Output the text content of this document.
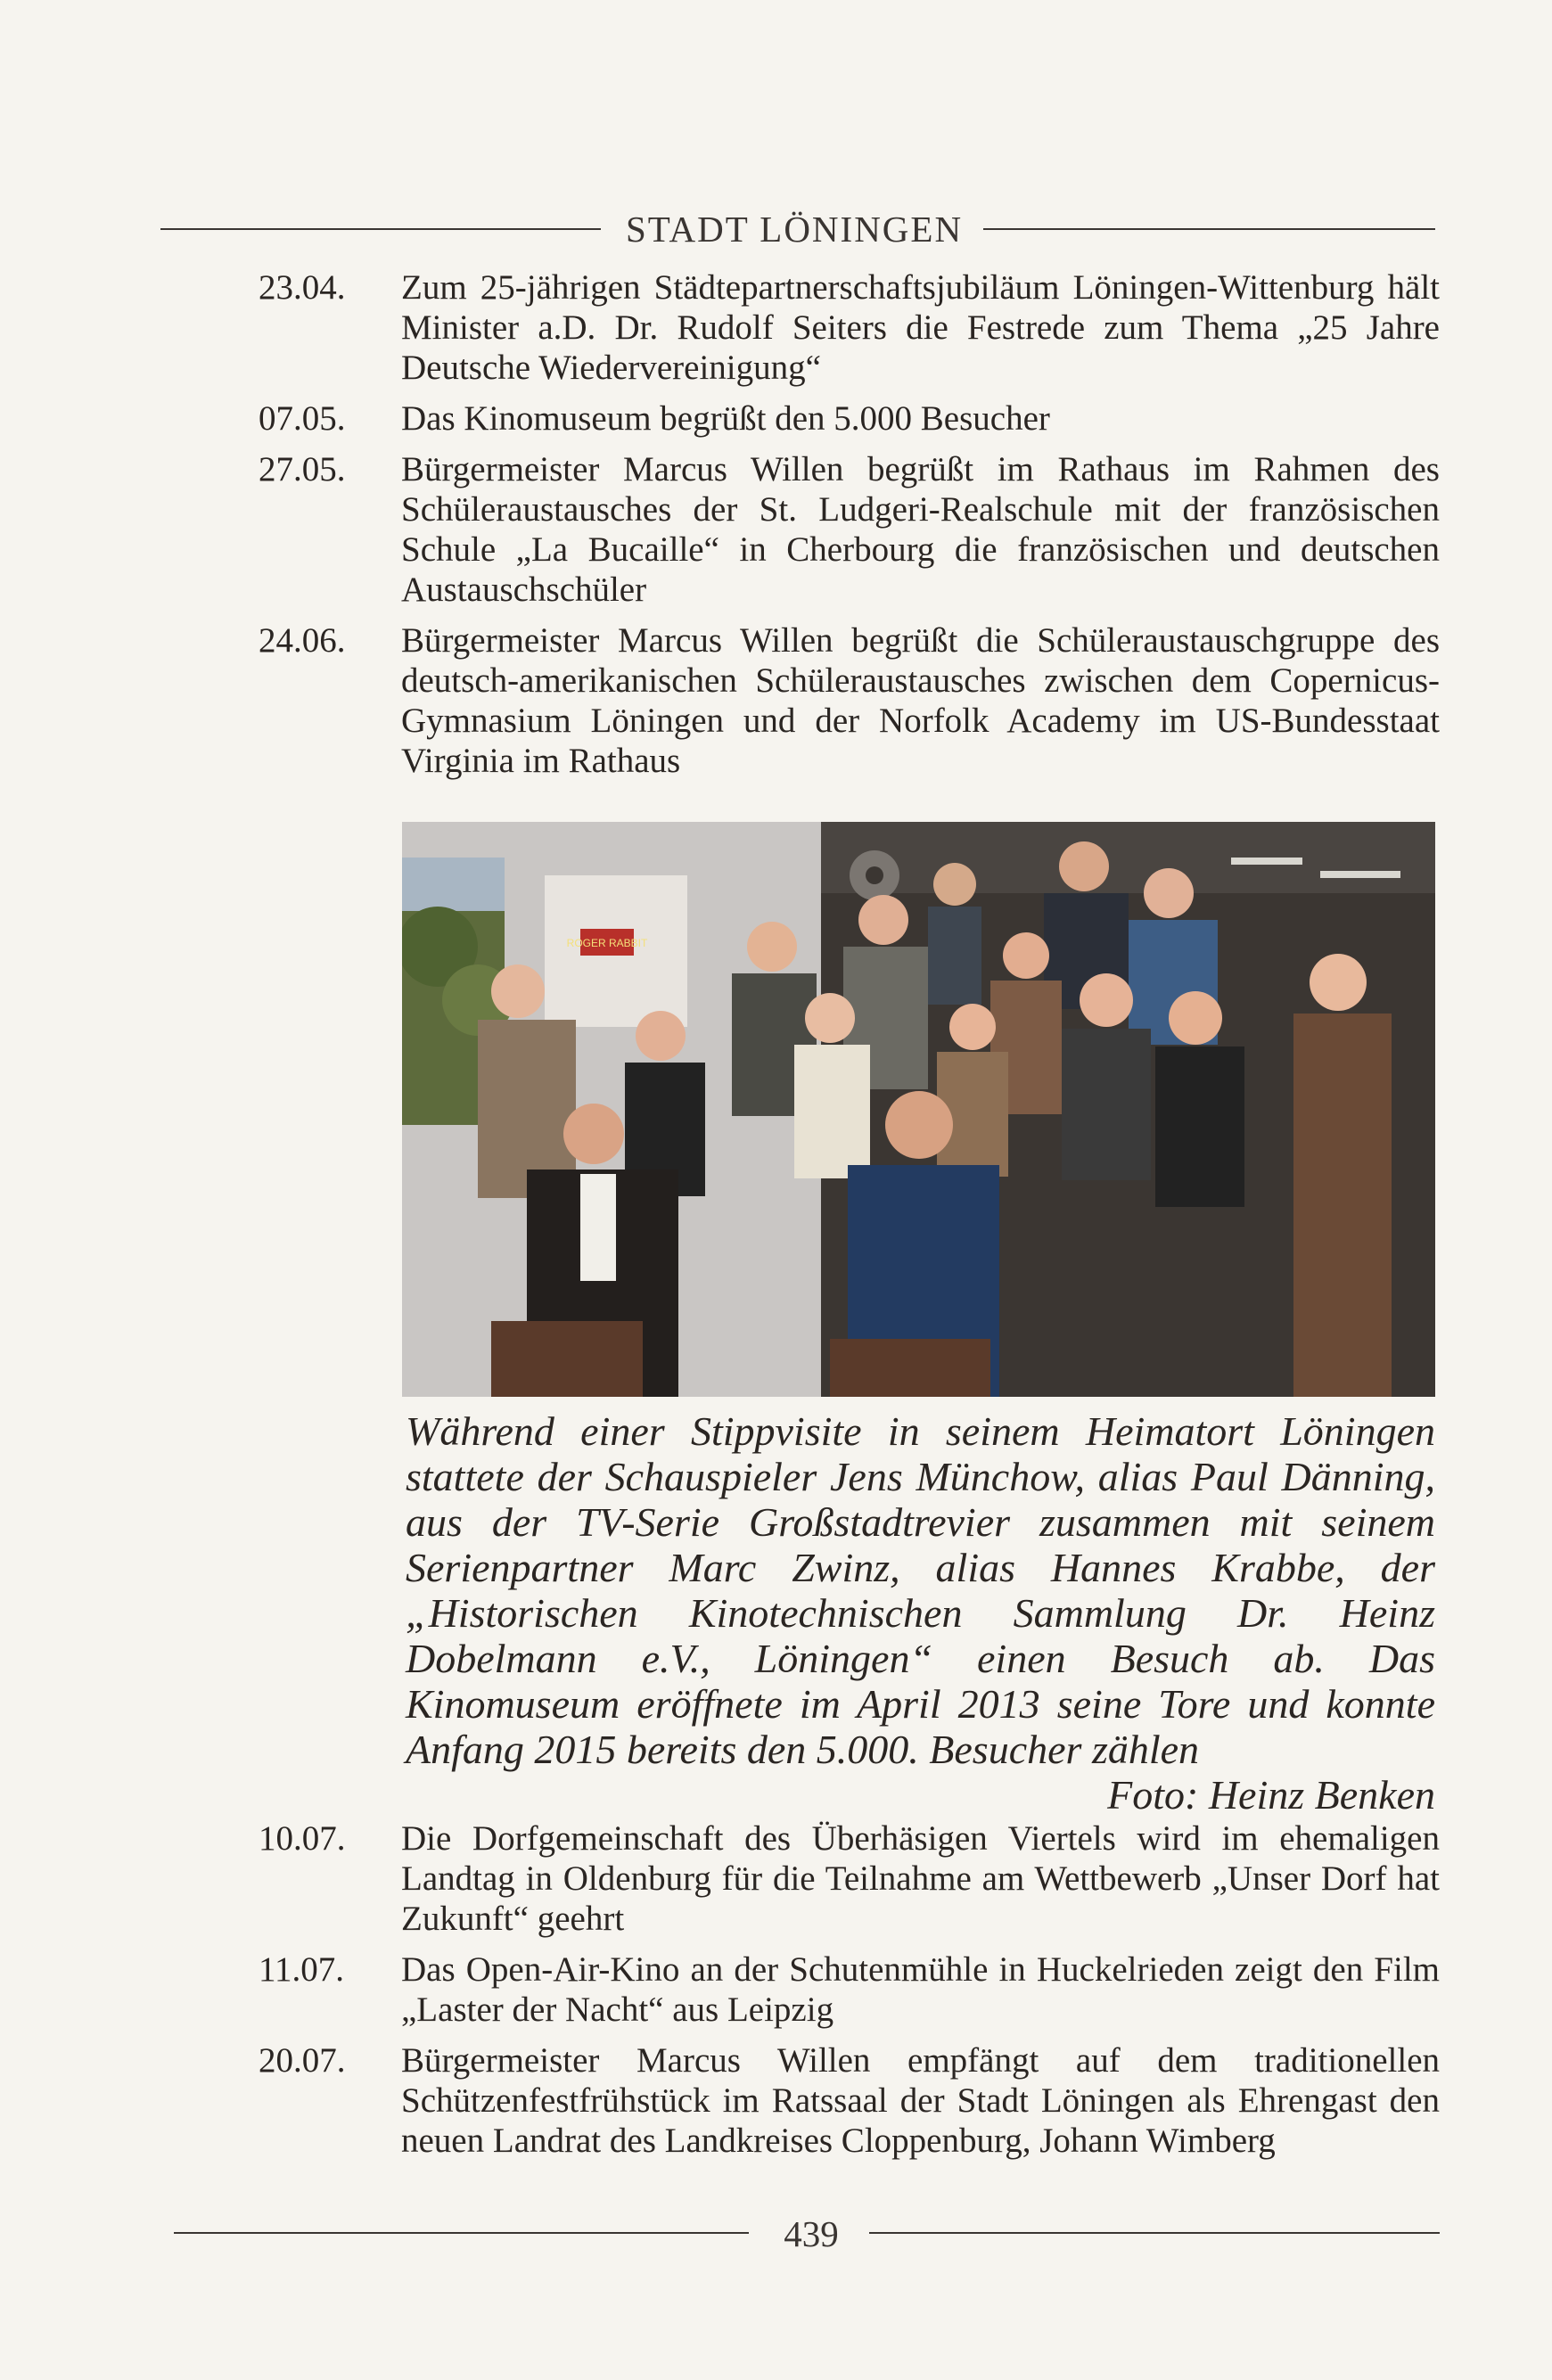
STADT LÖNINGEN
23.04.	Zum 25-jährigen Städtepartnerschaftsjubiläum Löningen-Wittenburg hält Minister a.D. Dr. Rudolf Seiters die Festrede zum Thema „25 Jahre Deutsche Wiedervereinigung“
07.05.	Das Kinomuseum begrüßt den 5.000 Besucher
27.05.	Bürgermeister Marcus Willen begrüßt im Rathaus im Rahmen des Schüleraustausches der St. Ludgeri-Realschule mit der französischen Schule „La Bucaille“ in Cherbourg die französischen und deutschen Austauschschüler
24.06.	Bürgermeister Marcus Willen begrüßt die Schüleraustauschgruppe des deutsch-amerikanischen Schüleraustausches zwischen dem Copernicus-Gymnasium Löningen und der Norfolk Academy im US-Bundesstaat Virginia im Rathaus
ROGER RABBIT
Während einer Stippvisite in seinem Heimatort Löningen stattete der Schauspieler Jens Münchow, alias Paul Dänning, aus der TV-Serie Großstadtrevier zusammen mit seinem Serienpartner Marc Zwinz, alias Hannes Krabbe, der „Historischen Kinotechnischen Sammlung Dr. Heinz Dobelmann e.V., Löningen“ einen Besuch ab. Das Kinomuseum eröffnete im April 2013 seine Tore und konnte Anfang 2015 bereits den 5.000. Besucher zählen
Foto: Heinz Benken
10.07.	Die Dorfgemeinschaft des Überhäsigen Viertels wird im ehemaligen Landtag in Oldenburg für die Teilnahme am Wettbewerb „Unser Dorf hat Zukunft“ geehrt
11.07.	Das Open-Air-Kino an der Schutenmühle in Huckelrieden zeigt den Film „Laster der Nacht“ aus Leipzig
20.07.	Bürgermeister Marcus Willen empfängt auf dem traditionellen Schützenfestfrühstück im Ratssaal der Stadt Löningen als Ehrengast den neuen Landrat des Landkreises Cloppenburg, Johann Wimberg
439
